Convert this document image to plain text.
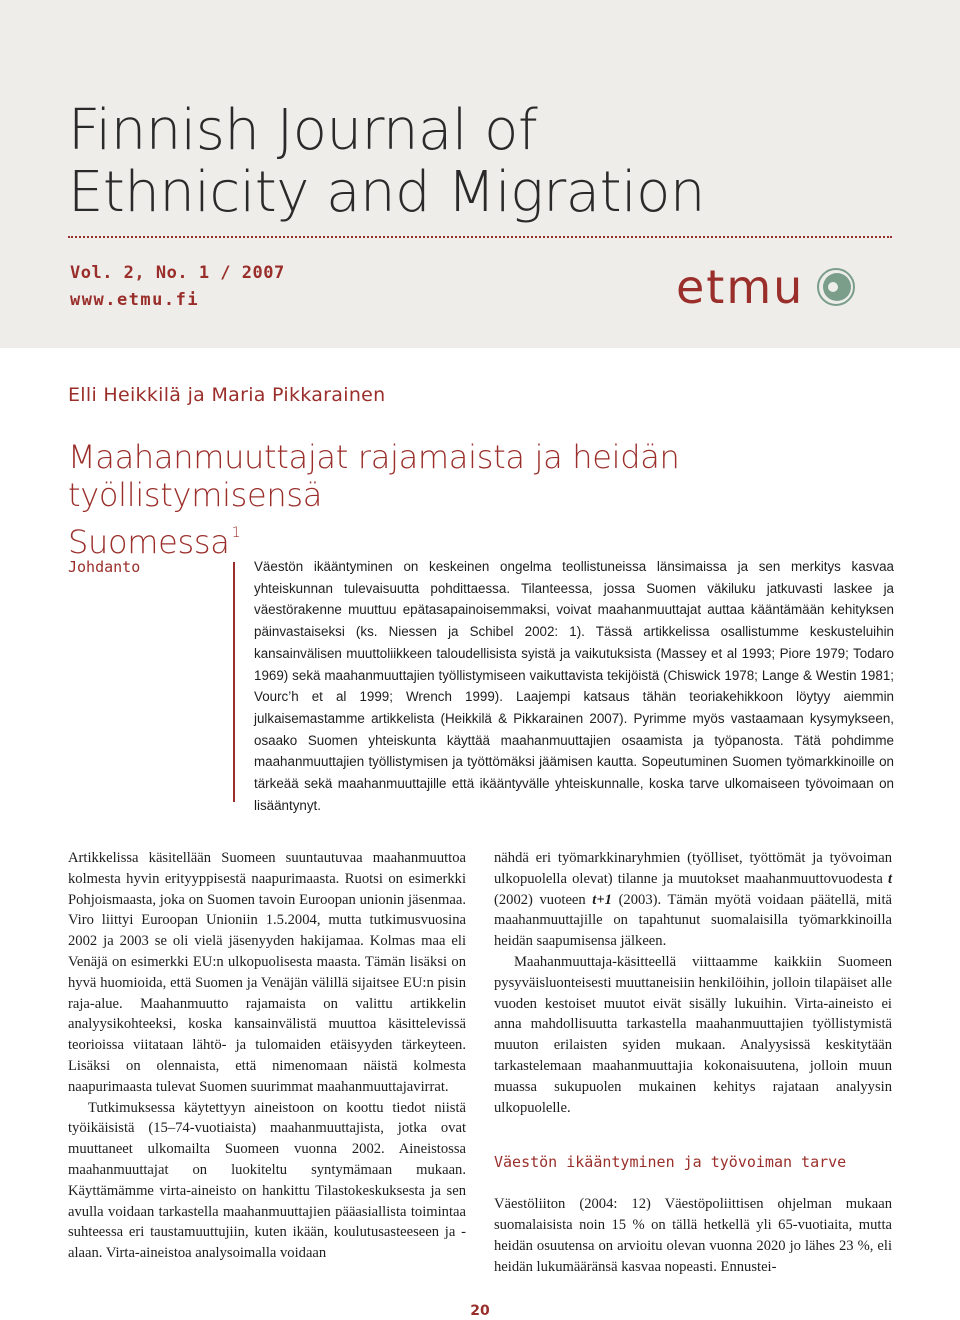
Finnish Journal of
Ethnicity and Migration
Vol. 2, No. 1 / 2007
www.etmu.fi	etmu
Elli Heikkilä ja Maria Pikkarainen
Maahanmuuttajat rajamaista ja heidän työllistymisensä
Suomessa $^1$
Johdanto	Väestön ikääntyminen on keskeinen ongelma teollistuneissa länsimaissa ja sen merkitys kasvaa yhteiskunnan tulevaisuutta pohdittaessa. Tilanteessa, jossa Suomen väkiluku jatkuvasti laskee ja väestörakenne muuttuu epätasapainoisemmaksi, voivat maahanmuuttajat auttaa kääntämään kehityksen päinvastaiseksi (ks. Niessen ja Schibel 2002: 1). Tässä artikkelissa osallistumme keskusteluihin kansainvälisen muuttoliikkeen taloudellisista syistä ja vaikutuksista (Massey et al 1993; Piore 1979; Todaro 1969) sekä maahanmuuttajien työllistymiseen vaikuttavista tekijöistä (Chiswick 1978; Lange & Westin 1981; Vourc’h et al 1999; Wrench 1999). Laajempi katsaus tähän teoriakehikkoon löytyy aiemmin julkaisemastamme artikkelista (Heikkilä & Pikkarainen 2007). Pyrimme myös vastaamaan kysymykseen, osaako Suomen yhteiskunta käyttää maahanmuuttajien osaamista ja työpanosta. Tätä pohdimme maahanmuuttajien työllistymisen ja työttömäksi jäämisen kautta. Sopeutuminen Suomen työmarkkinoille on tärkeää sekä maahanmuuttajille että ikääntyvälle yhteiskunnalle, koska tarve ulkomaiseen työvoimaan on lisääntynyt.

Artikkelissa käsitellään Suomeen suuntautuvaa maahanmuuttoa kolmesta hyvin erityyppisestä naapurimaasta. Ruotsi on esimerkki Pohjoismaasta, joka on Suomen tavoin Euroopan unionin jäsenmaa. Viro liittyi Euroopan Unioniin 1.5.2004, mutta tutkimusvuosina 2002 ja 2003 se oli vielä jäsenyyden hakijamaa. Kolmas maa eli Venäjä on esimerkki EU:n ulkopuolisesta maasta. Tämän lisäksi on hyvä huomioida, että Suomen ja Venäjän välillä sijaitsee EU:n pisin raja-alue. Maahanmuutto rajamaista on valittu artikkelin analyysikohteeksi, koska kansainvälistä muuttoa käsittelevissä teorioissa viitataan lähtö- ja tulomaiden etäisyyden tärkeyteen. Lisäksi on olennaista, että nimenomaan näistä kolmesta naapurimaasta tulevat Suomen suurimmat maahanmuuttajavirrat.

Tutkimuksessa käytettyyn aineistoon on koottu tiedot niistä työikäisistä (15–74-vuotiaista) maahanmuuttajista, jotka ovat muuttaneet ulkomailta Suomeen vuonna 2002. Aineistossa maahanmuuttajat on luokiteltu syntymämaan mukaan. Käyttämämme virta-aineisto on hankittu Tilastokeskuksesta ja sen avulla voidaan tarkastella maahanmuuttajien pääasiallista toimintaa suhteessa eri taustamuuttujiin, kuten ikään, koulutusasteeseen ja -alaan. Virta-aineistoa analysoimalla voidaan

nähdä eri työmarkkinaryhmien (työlliset, työttömät ja työvoiman ulkopuolella olevat) tilanne ja muutokset maahanmuuttovuodesta t (2002) vuoteen t+1 (2003). Tämän myötä voidaan päätellä, mitä maahanmuuttajille on tapahtunut suomalaisilla työmarkkinoilla heidän saapumisensa jälkeen.

Maahanmuuttaja-käsitteellä viittaamme kaikkiin Suomeen pysyväisluonteisesti muuttaneisiin henkilöihin, jolloin tilapäiset alle vuoden kestoiset muutot eivät sisälly lukuihin. Virta-aineisto ei anna mahdollisuutta tarkastella maahanmuuttajien työllistymistä muuton erilaisten syiden mukaan. Analyysissä keskitytään tarkastelemaan maahanmuuttajia kokonaisuutena, jolloin muun muassa sukupuolen mukainen kehitys rajataan analyysin ulkopuolelle.

Väestön ikääntyminen ja työvoiman tarve

Väestöliiton (2004: 12) Väestöpoliittisen ohjelman mukaan suomalaisista noin 15 % on tällä hetkellä yli 65-vuotiaita, mutta heidän osuutensa on arvioitu olevan vuonna 2020 jo lähes 23 %, eli heidän lukumääränsä kasvaa nopeasti. Ennustei-

20
